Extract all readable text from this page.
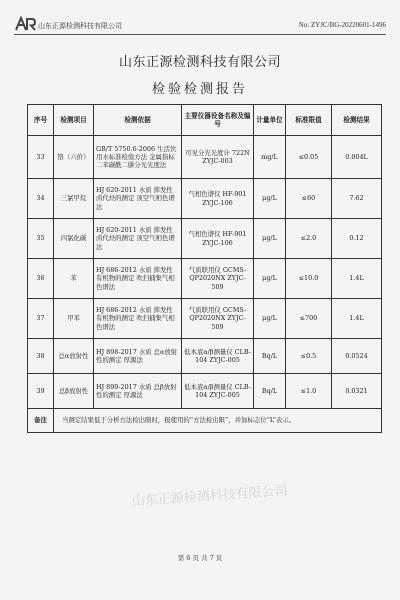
山东正源检测科技有限公司	No: ZYJC/BG-20220601-1496
山东正源检测科技有限公司
检验检测报告
序号	检测项目	检测依据	主要仪器设备名称及编号	计量单位	标准限值	检测结果
33	铬（六价）	GB/T 5750.6-2006 生活饮用水标准检验方法 金属指标 二苯碳酰二肼分光光度法	可见分光光度计 722N ZYJC-003	mg/L	≤0.05	0.004L
34	三氯甲烷	HJ 620-2011 水质 挥发性卤代烃的测定 顶空气相色谱法	气相色谱仪 HF-901 ZYJC-106	μg/L	≤60	7.62
35	四氯化碳	HJ 620-2011 水质 挥发性卤代烃的测定 顶空气相色谱法	气相色谱仪 HF-901 ZYJC-106	μg/L	≤2.0	0.12
36	苯	HJ 686-2012 水质 挥发性有机物的测定 吹扫捕集气相色谱法	气质联用仪 GCMS-QP2020NX ZYJC-509	μg/L	≤10.0	1.4L
37	甲苯	HJ 686-2012 水质 挥发性有机物的测定 吹扫捕集气相色谱法	气质联用仪 GCMS-QP2020NX ZYJC-509	μg/L	≤700	1.4L
38	总α放射性	HJ 898-2017 水质 总α放射性的测定 厚源法	低本底α/β测量仪 CLB-104 ZYJC-005	Bq/L	≤0.5	0.0524
39	总β放射性	HJ 899-2017 水质 总β放射性的测定 厚源法	低本底α/β测量仪 CLB-104 ZYJC-005	Bq/L	≤1.0	0.0321
备注	当测定结果低于分析方法检出限时，报使用的“方法检出限”，并加标志位“L”表示。					
山东正源检测科技有限公司
第 6 页 共 7 页
